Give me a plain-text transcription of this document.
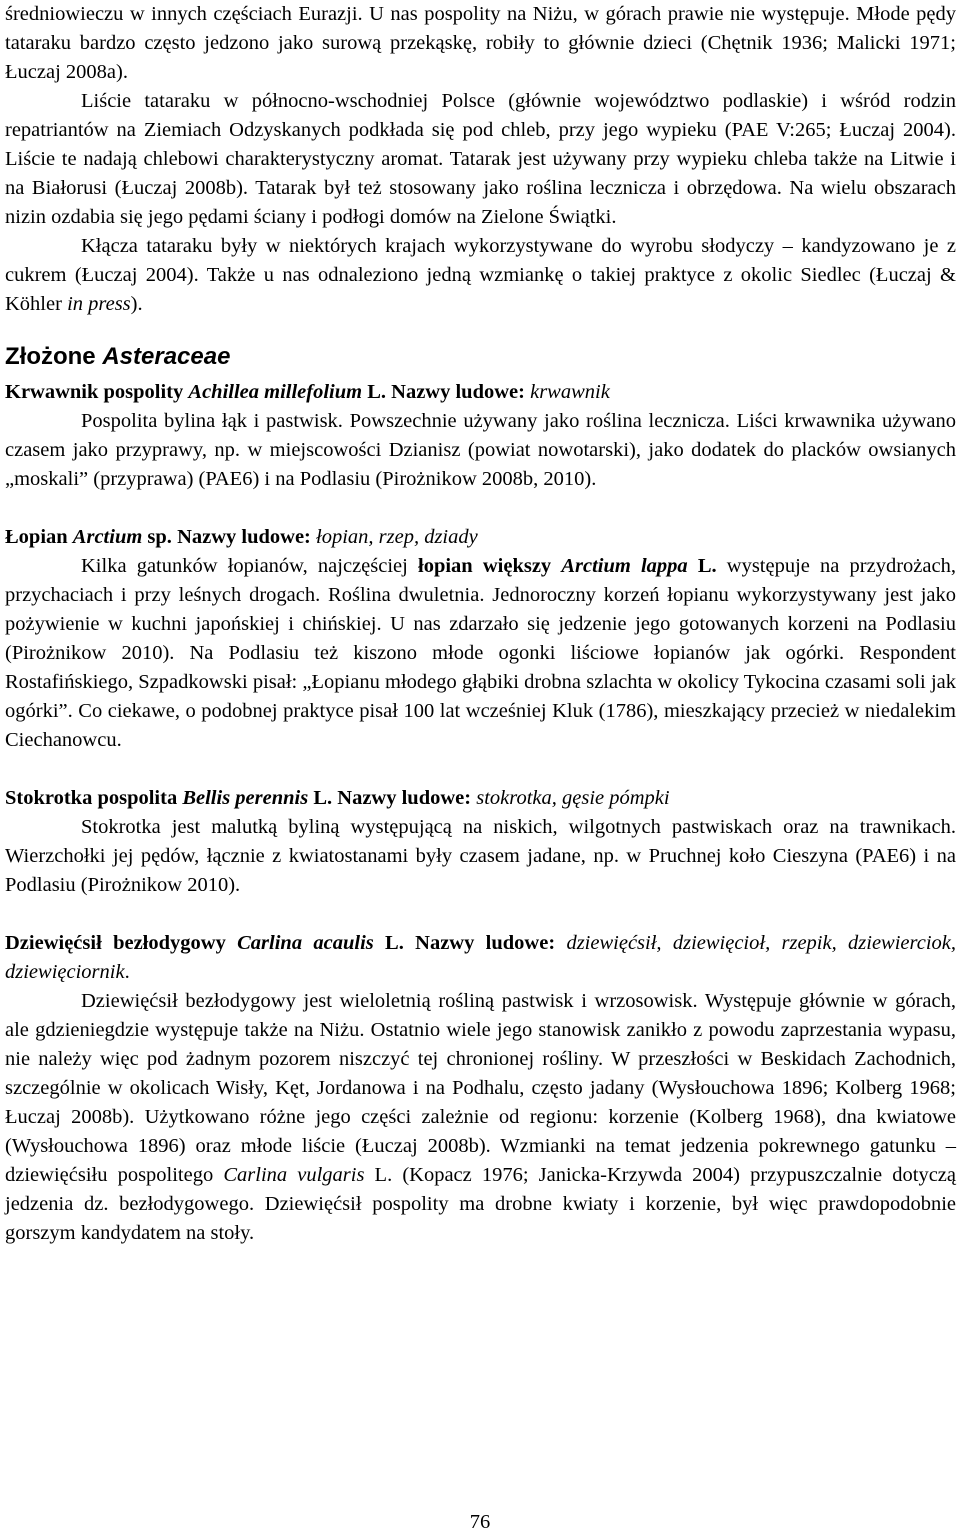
średniowieczu w innych częściach Eurazji. U nas pospolity na Niżu, w górach prawie nie występuje. Młode pędy tataraku bardzo często jedzono jako surową przekąskę, robiły to głównie dzieci (Chętnik 1936; Malicki 1971; Łuczaj 2008a).

Liście tataraku w północno-wschodniej Polsce (głównie województwo podlaskie) i wśród rodzin repatriantów na Ziemiach Odzyskanych podkłada się pod chleb, przy jego wypieku (PAE V:265; Łuczaj 2004). Liście te nadają chlebowi charakterystyczny aromat. Tatarak jest używany przy wypieku chleba także na Litwie i na Białorusi (Łuczaj 2008b). Tatarak był też stosowany jako roślina lecznicza i obrzędowa. Na wielu obszarach nizin ozdabia się jego pędami ściany i podłogi domów na Zielone Świątki.

Kłącza tataraku były w niektórych krajach wykorzystywane do wyrobu słodyczy – kandyzowano je z cukrem (Łuczaj 2004). Także u nas odnaleziono jedną wzmiankę o takiej praktyce z okolic Siedlec (Łuczaj & Köhler in press).

Złożone Asteraceae

Krwawnik pospolity Achillea millefolium L. Nazwy ludowe: krwawnik

Pospolita bylina łąk i pastwisk. Powszechnie używany jako roślina lecznicza. Liści krwawnika używano czasem jako przyprawy, np. w miejscowości Dzianisz (powiat nowotarski), jako dodatek do placków owsianych „moskali” (przyprawa) (PAE6) i na Podlasiu (Pirożnikow 2008b, 2010).

Łopian Arctium sp. Nazwy ludowe: łopian, rzep, dziady

Kilka gatunków łopianów, najczęściej łopian większy Arctium lappa L. występuje na przydrożach, przychaciach i przy leśnych drogach. Roślina dwuletnia. Jednoroczny korzeń łopianu wykorzystywany jest jako pożywienie w kuchni japońskiej i chińskiej. U nas zdarzało się jedzenie jego gotowanych korzeni na Podlasiu (Pirożnikow 2010). Na Podlasiu też kiszono młode ogonki liściowe łopianów jak ogórki. Respondent Rostafińskiego, Szpadkowski pisał: „Łopianu młodego głąbiki drobna szlachta w okolicy Tykocina czasami soli jak ogórki”. Co ciekawe, o podobnej praktyce pisał 100 lat wcześniej Kluk (1786), mieszkający przecież w niedalekim Ciechanowcu.

Stokrotka pospolita Bellis perennis L. Nazwy ludowe: stokrotka, gęsie pómpki

Stokrotka jest malutką byliną występującą na niskich, wilgotnych pastwiskach oraz na trawnikach. Wierzchołki jej pędów, łącznie z kwiatostanami były czasem jadane, np. w Pruchnej koło Cieszyna (PAE6) i na Podlasiu (Pirożnikow 2010).

Dziewięćsił bezłodygowy Carlina acaulis L. Nazwy ludowe: dziewięćsił, dziewięcioł, rzepik, dziewierciok, dziewięciornik.

Dziewięćsił bezłodygowy jest wieloletnią rośliną pastwisk i wrzosowisk. Występuje głównie w górach, ale gdzieniegdzie występuje także na Niżu. Ostatnio wiele jego stanowisk zanikło z powodu zaprzestania wypasu, nie należy więc pod żadnym pozorem niszczyć tej chronionej rośliny. W przeszłości w Beskidach Zachodnich, szczególnie w okolicach Wisły, Kęt, Jordanowa i na Podhalu, często jadany (Wysłouchowa 1896; Kolberg 1968; Łuczaj 2008b). Użytkowano różne jego części zależnie od regionu: korzenie (Kolberg 1968), dna kwiatowe (Wysłouchowa 1896) oraz młode liście (Łuczaj 2008b). Wzmianki na temat jedzenia pokrewnego gatunku – dziewięćsiłu pospolitego Carlina vulgaris L. (Kopacz 1976; Janicka-Krzywda 2004) przypuszczalnie dotyczą jedzenia dz. bezłodygowego. Dziewięćsił pospolity ma drobne kwiaty i korzenie, był więc prawdopodobnie gorszym kandydatem na stoły.

76
